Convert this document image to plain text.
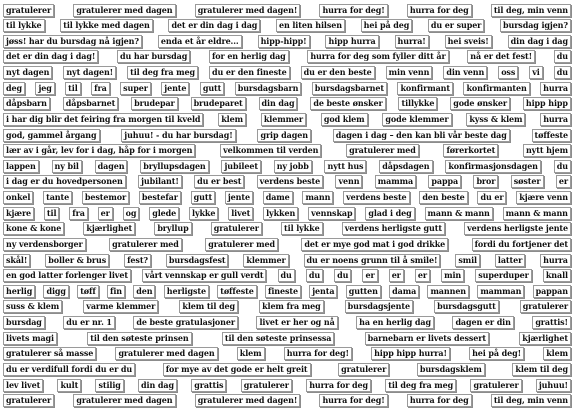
gratulerer	gratulerer med dagen	gratulerer med dagen!	hurra for deg!	hurra for deg	til deg, min venn
til lykke	til lykke med dagen	det er din dag i dag	en liten hilsen	hei på deg	du er super	bursdag igjen?
jøss! har du bursdag nå igjen?	enda et år eldre...	hipp-hipp!	hipp hurra	hurra!	hei sveis!	din dag i dag
det er din dag i dag!	du har bursdag	for en herlig dag	hurra for deg som fyller ditt år	nå er det fest!	du
nyt dagen	nyt dagen!	til deg fra meg	du er den fineste	du er den beste	min venn	din venn	oss	vi	du
deg	jeg	til	fra	super	jente	gutt	bursdagsbarn	bursdagsbarnet	konfirmant	konfirmanten	hurra
dåpsbarn	dåpsbarnet	brudepar	brudeparet	din dag	de beste ønsker	tillykke	gode ønsker	hipp hipp
i har dig blir det feiring fra morgen til kveld	klem	klemmer	god klem	gode klemmer	kyss & klem	hurra
god, gammel årgang	juhuu! - du har bursdag!	grip dagen	dagen i dag – den kan bli vår beste dag	tøffeste
lær av i går, lev for i dag, håp for i morgen	velkommen til verden	gratulerer med	førerkortet	nytt hjem
lappen	ny bil	dagen	bryllupsdagen	jubileet	ny jobb	nytt hus	dåpsdagen	konfirmasjonsdagen	du
i dag er du hovedpersonen	jubilant!	du er best	verdens beste	venn	mamma	pappa	bror	søster	er
onkel	tante	bestemor	bestefar	gutt	jente	dame	mann	verdens beste	den beste	du er	kjære venn
kjære	til	fra	er	og	glede	lykke	livet	lykken	vennskap	glad i deg	mann & mann	mann & mann
kone & kone	kjærlighet	bryllup	gratulerer	til lykke	verdens herligste gutt	verdens herligste jente
ny verdensborger	gratulerer med	gratulerer med	det er mye god mat i god drikke	fordi du fortjener det
skål!	boller & brus	fest?	bursdagsfest	klemmer	du er noens grunn til å smile!	smil	latter	hurra
en god latter forlenger livet	vårt vennskap er gull verdt	du	du	du	er	er	er	min	superduper	knall
herlig	digg	tøff	fin	den	herligste	tøffeste	fineste	jenta	gutten	dama	mannen	mamman	pappan
suss & klem	varme klemmer	klem til deg	klem fra meg	bursdagsjente	bursdagsgutt	gratulerer
bursdag	du er nr. 1	de beste gratulasjoner	livet er her og nå	ha en herlig dag	dagen er din	grattis!
livets magi	til den søteste prinsen	til den søteste prinsessa	barnebarn er livets dessert	kjærlighet
gratulerer så masse	gratulerer med dagen	klem	hurra for deg!	hipp hipp hurra!	hei på deg!	klem
du er verdifull fordi du er du	for mye av det gode er helt greit	gratulerer	bursdagsklem	klem til deg
lev livet	kult	stilig	din dag	grattis	gratulerer	hurra for deg	til deg fra meg	gratulerer	juhuu!
gratulerer	gratulerer med dagen	gratulerer med dagen!	hurra for deg!	hurra for deg	til deg, min venn
